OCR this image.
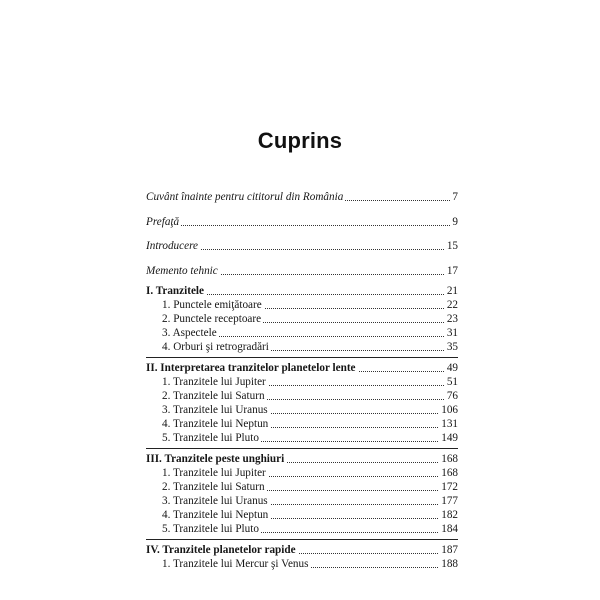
Cuprins
Cuvânt înainte pentru cititorul din România	7
Prefaţă	9
Introducere	15
Memento tehnic	17
I. Tranzitele	21
1. Punctele emiţătoare	22
2. Punctele receptoare	23
3. Aspectele	31
4. Orburi şi retrogradări	35
II. Interpretarea tranzitelor planetelor lente	49
1. Tranzitele lui Jupiter	51
2. Tranzitele lui Saturn	76
3. Tranzitele lui Uranus	106
4. Tranzitele lui Neptun	131
5. Tranzitele lui Pluto	149
III. Tranzitele peste unghiuri	168
1. Tranzitele lui Jupiter	168
2. Tranzitele lui Saturn	172
3. Tranzitele lui Uranus	177
4. Tranzitele lui Neptun	182
5. Tranzitele lui Pluto	184
IV. Tranzitele planetelor rapide	187
1. Tranzitele lui Mercur şi Venus	188
